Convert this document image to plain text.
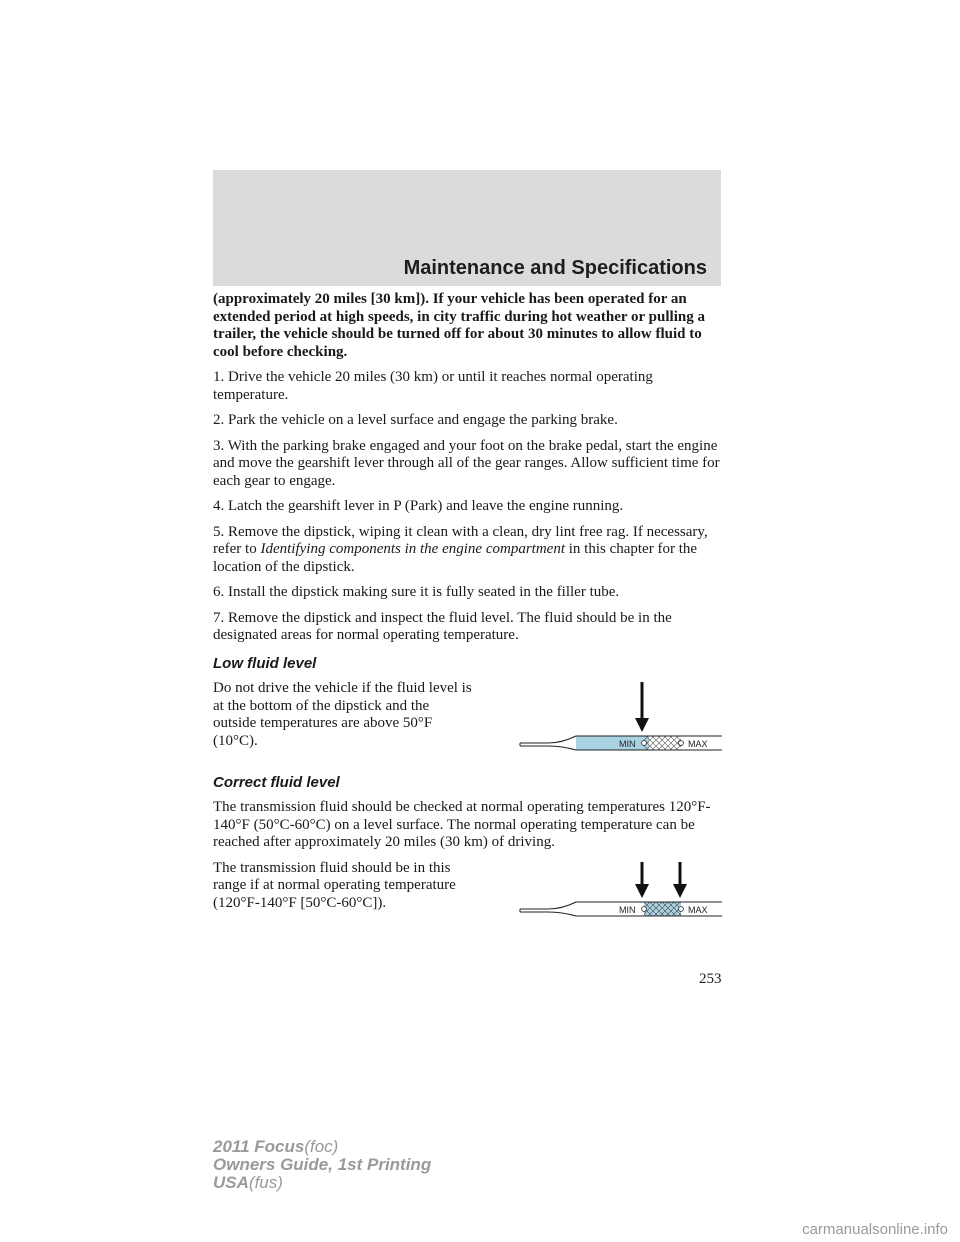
Maintenance and Specifications

(approximately 20 miles [30 km]). If your vehicle has been operated for an extended period at high speeds, in city traffic during hot weather or pulling a trailer, the vehicle should be turned off for about 30 minutes to allow fluid to cool before checking.

1. Drive the vehicle 20 miles (30 km) or until it reaches normal operating temperature.

2. Park the vehicle on a level surface and engage the parking brake.

3. With the parking brake engaged and your foot on the brake pedal, start the engine and move the gearshift lever through all of the gear ranges. Allow sufficient time for each gear to engage.

4. Latch the gearshift lever in P (Park) and leave the engine running.

5. Remove the dipstick, wiping it clean with a clean, dry lint free rag. If necessary, refer to Identifying components in the engine compartment in this chapter for the location of the dipstick.

6. Install the dipstick making sure it is fully seated in the filler tube.

7. Remove the dipstick and inspect the fluid level. The fluid should be in the designated areas for normal operating temperature.

Low fluid level
Do not drive the vehicle if the fluid level is at the bottom of the dipstick and the outside temperatures are above 50°F (10°C).	MIN	MAX
Correct fluid level

The transmission fluid should be checked at normal operating temperatures 120°F-140°F (50°C-60°C) on a level surface. The normal operating temperature can be reached after approximately 20 miles (30 km) of driving.

The transmission fluid should be in this range if at normal operating temperature (120°F-140°F [50°C-60°C]).	MIN	MAX
253
2011 Focus(foc)
Owners Guide, 1st Printing
USA(fus)
carmanualsonline.info
